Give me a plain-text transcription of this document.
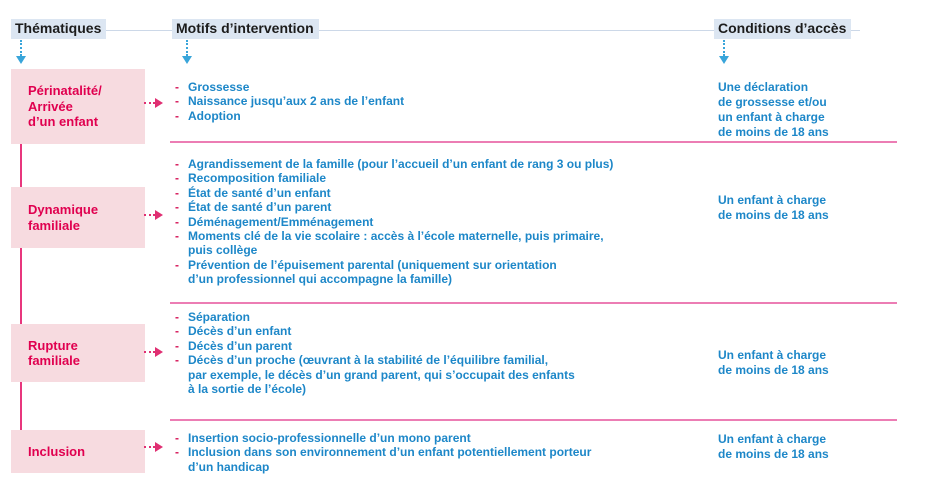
Thématiques	Motifs d’intervention	Conditions d’accès
Périnatalité/
Arrivée
d’un enfant
Dynamique
familiale
Rupture
familiale
Inclusion
- Grossesse
- Naissance jusqu’aux 2 ans de l’enfant
- Adoption
- Agrandissement de la famille (pour l’accueil d’un enfant de rang 3 ou plus)
- Recomposition familiale
- État de santé d’un enfant
- État de santé d’un parent
- Déménagement/Emménagement
- Moments clé de la vie scolaire : accès à l’école maternelle, puis primaire,
puis collège
- Prévention de l’épuisement parental (uniquement sur orientation
d’un professionnel qui accompagne la famille)
- Séparation
- Décès d’un enfant
- Décès d’un parent
- Décès d’un proche (œuvrant à la stabilité de l’équilibre familial,
par exemple, le décès d’un grand parent, qui s’occupait des enfants
à la sortie de l’école)
- Insertion socio-professionnelle d’un mono parent
- Inclusion dans son environnement d’un enfant potentiellement porteur
d’un handicap
Une déclaration
de grossesse et/ou
un enfant à charge
de moins de 18 ans
Un enfant à charge
de moins de 18 ans
Un enfant à charge
de moins de 18 ans
Un enfant à charge
de moins de 18 ans
